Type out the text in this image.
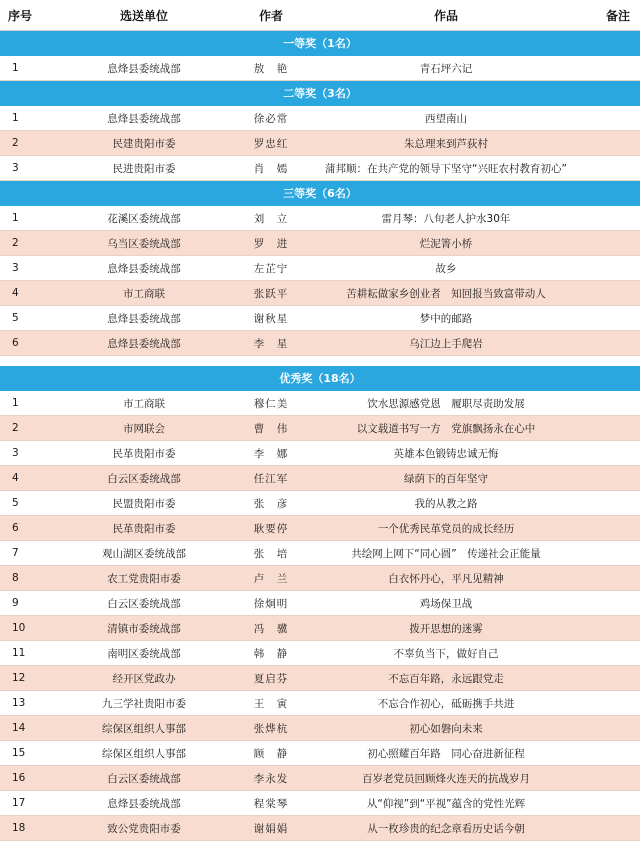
序号	选送单位	作者	作品	备注
一等奖（1名）				
1	息烽县委统战部	敖　艳	青石坪六记	
二等奖（3名）				
1	息烽县委统战部	徐必常	西望南山	
2	民建贵阳市委	罗忠红	朱总理来到芦荻村	
3	民进贵阳市委	肖　嫣	蒲邦顺：在共产党的领导下坚守“兴旺农村教育初心”	
三等奖（6名）				
1	花溪区委统战部	刘　立	雷月琴：八旬老人护水30年	
2	乌当区委统战部	罗　进	烂泥箐小桥	
3	息烽县委统战部	左芷宁	故乡	
4	市工商联	张跃平	苦耕耘做家乡创业者　知回报当致富带动人	
5	息烽县委统战部	谢秋星	梦中的邮路	
6	息烽县委统战部	李　星	乌江边上手爬岩	

优秀奖（18名）				
1	市工商联	穆仁美	饮水思源感党恩　履职尽责助发展	
2	市网联会	曹　伟	以文载道书写一方　党旗飘扬永在心中	
3	民革贵阳市委	李　娜	英雄本色锻铸忠诚无悔	
4	白云区委统战部	任江军	绿荫下的百年坚守	
5	民盟贵阳市委	张　彦	我的从教之路	
6	民革贵阳市委	耿要停	一个优秀民革党员的成长经历	
7	观山湖区委统战部	张　培	共绘网上网下“同心圆”　传递社会正能量	
8	农工党贵阳市委	卢　兰	白衣怀丹心，平凡见精神	
9	白云区委统战部	徐炯明	鸡场保卫战	
10	清镇市委统战部	冯　骥	拨开思想的迷雾	
11	南明区委统战部	韩　静	不辜负当下，做好自己	
12	经开区党政办	夏启芬	不忘百年路，永远跟党走	
13	九三学社贵阳市委	王　寅	不忘合作初心，砥砺携手共进	
14	综保区组织人事部	张烨杭	初心如磐向未来	
15	综保区组织人事部	顾　静	初心照耀百年路　同心奋进新征程	
16	白云区委统战部	李永发	百岁老党员回顾烽火连天的抗战岁月	
17	息烽县委统战部	程棠琴	从“仰视”到“平视”蕴含的党性光辉	
18	致公党贵阳市委	谢娟娟	从一枚珍贵的纪念章看历史话今朝	
